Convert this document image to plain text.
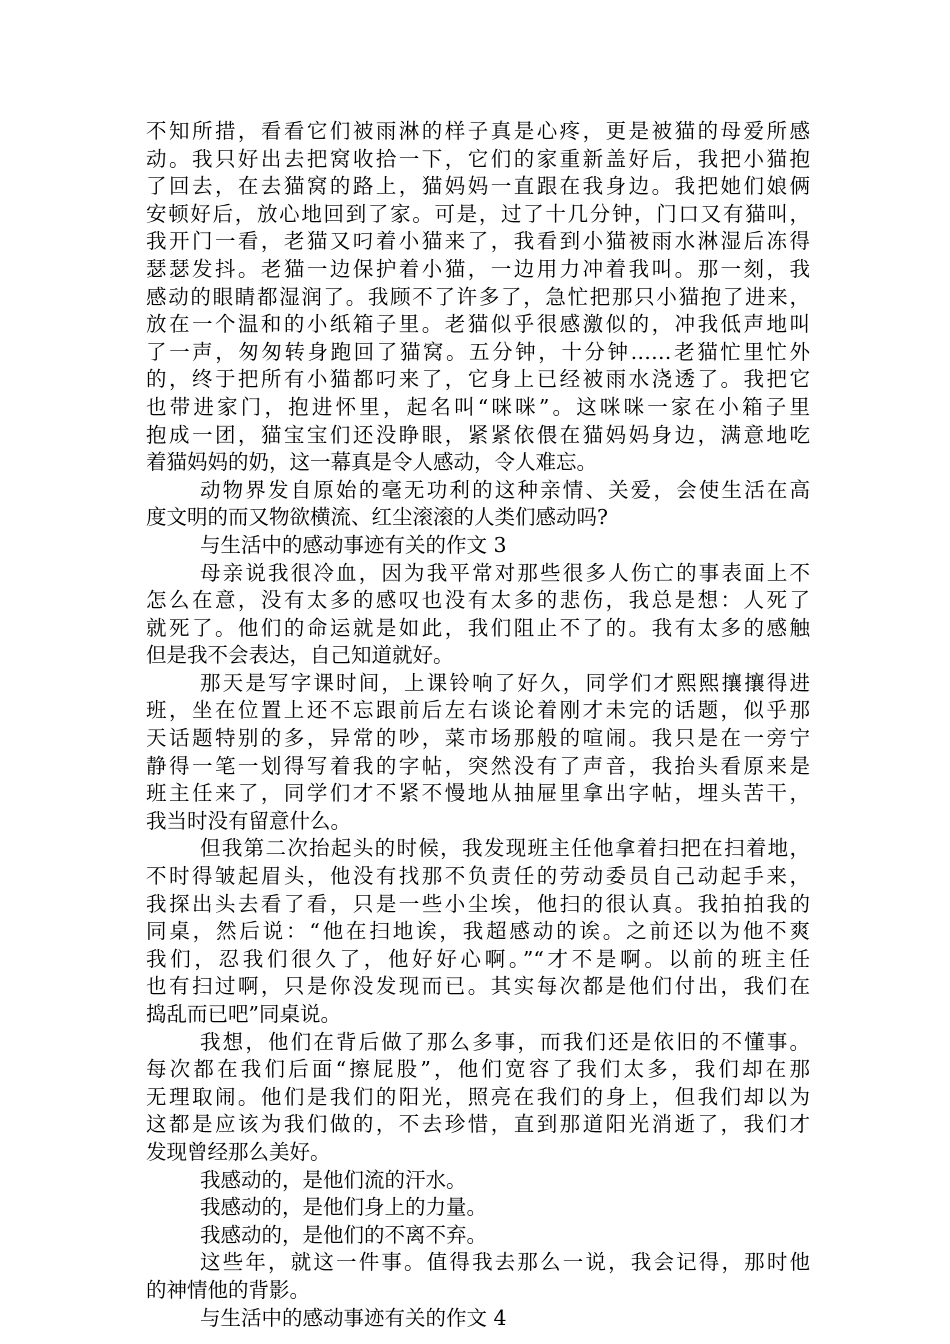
不知所措，看看它们被雨淋的样子真是心疼，更是被猫的母爱所感
动。我只好出去把窝收拾一下，它们的家重新盖好后，我把小猫抱
了回去，在去猫窝的路上，猫妈妈一直跟在我身边。我把她们娘俩
安顿好后，放心地回到了家。可是，过了十几分钟，门口又有猫叫，
我开门一看，老猫又叼着小猫来了，我看到小猫被雨水淋湿后冻得
瑟瑟发抖。老猫一边保护着小猫，一边用力冲着我叫。那一刻，我
感动的眼睛都湿润了。我顾不了许多了，急忙把那只小猫抱了进来，
放在一个温和的小纸箱子里。老猫似乎很感激似的，冲我低声地叫
了一声，匆匆转身跑回了猫窝。五分钟，十分钟……老猫忙里忙外
的，终于把所有小猫都叼来了，它身上已经被雨水浇透了。我把它
也带进家门，抱进怀里，起名叫“咪咪”。这咪咪一家在小箱子里
抱成一团，猫宝宝们还没睁眼，紧紧依偎在猫妈妈身边，满意地吃
着猫妈妈的奶，这一幕真是令人感动，令人难忘。
动物界发自原始的毫无功利的这种亲情、关爱，会使生活在高
度文明的而又物欲横流、红尘滚滚的人类们感动吗?
与生活中的感动事迹有关的作文 3
母亲说我很冷血，因为我平常对那些很多人伤亡的事表面上不
怎么在意，没有太多的感叹也没有太多的悲伤，我总是想：人死了
就死了。他们的命运就是如此，我们阻止不了的。我有太多的感触
但是我不会表达，自己知道就好。
那天是写字课时间，上课铃响了好久，同学们才熙熙攘攘得进
班，坐在位置上还不忘跟前后左右谈论着刚才未完的话题，似乎那
天话题特别的多，异常的吵，菜市场那般的喧闹。我只是在一旁宁
静得一笔一划得写着我的字帖，突然没有了声音，我抬头看原来是
班主任来了，同学们才不紧不慢地从抽屉里拿出字帖，埋头苦干，
我当时没有留意什么。
但我第二次抬起头的时候，我发现班主任他拿着扫把在扫着地，
不时得皱起眉头，他没有找那不负责任的劳动委员自己动起手来，
我探出头去看了看，只是一些小尘埃，他扫的很认真。我拍拍我的
同桌，然后说：“他在扫地诶，我超感动的诶。之前还以为他不爽
我们，忍我们很久了，他好好心啊。”“才不是啊。以前的班主任
也有扫过啊，只是你没发现而已。其实每次都是他们付出，我们在
捣乱而已吧”同桌说。
我想，他们在背后做了那么多事，而我们还是依旧的不懂事。
每次都在我们后面“擦屁股”，他们宽容了我们太多，我们却在那
无理取闹。他们是我们的阳光，照亮在我们的身上，但我们却以为
这都是应该为我们做的，不去珍惜，直到那道阳光消逝了，我们才
发现曾经那么美好。
我感动的，是他们流的汗水。
我感动的，是他们身上的力量。
我感动的，是他们的不离不弃。
这些年，就这一件事。值得我去那么一说，我会记得，那时他
的神情他的背影。
与生活中的感动事迹有关的作文 4
